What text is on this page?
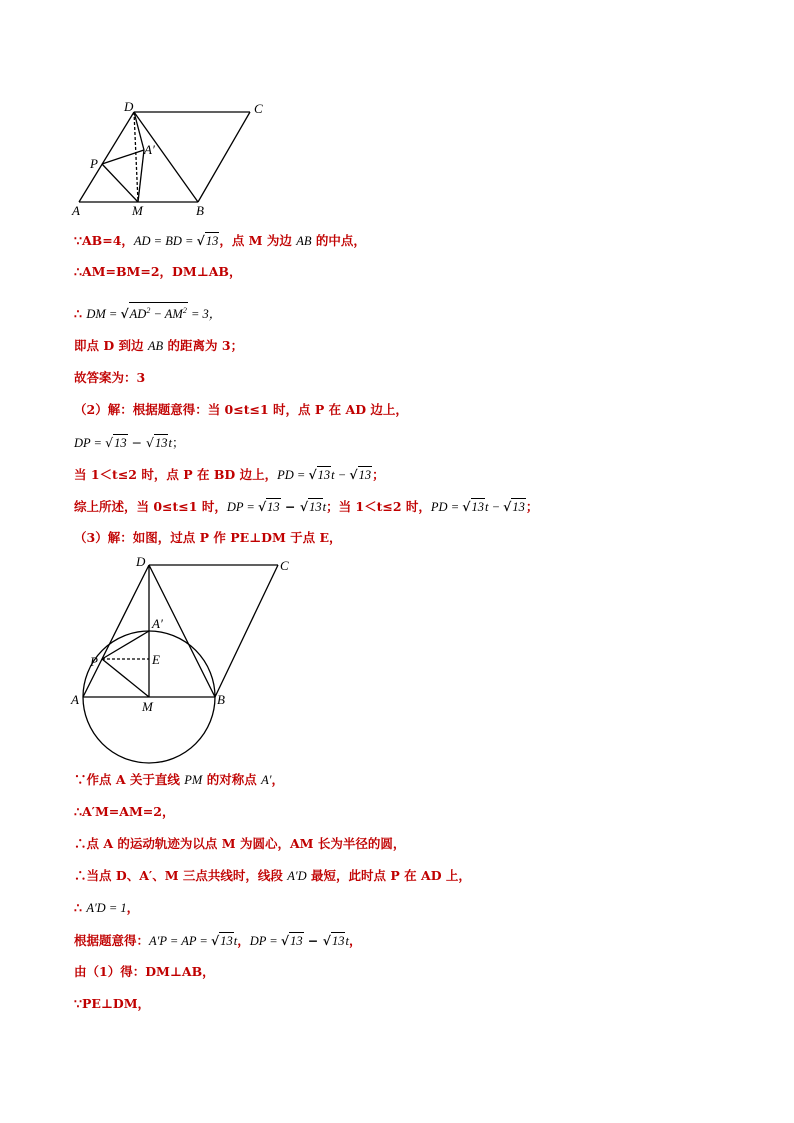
D	C
P
A′
A	M	B
∵AB=4，AD = BD = √13，点 M 为边 AB 的中点，
∴AM=BM=2，DM⊥AB，
∴ DM = $√AD^2 - AM^2 = 3$，
即点 D 到边 AB 的距离为 3；
故答案为：3
（2）解：根据题意得：当 0≤t≤1 时，点 P 在 AD 边上，
DP = √13 − √13t；
当 1＜t≤2 时，点 P 在 BD 边上，PD = √13t − √13；
综上所述，当 0≤t≤1 时，DP = √13 − √13t；当 1＜t≤2 时，PD = √13t − √13；
（3）解：如图，过点 P 作 PE⊥DM 于点 E，
D	C
A′
E
P
A	M	B
∵作点 A 关于直线 PM 的对称点 A′，
∴A′M=AM=2，
∴点 A 的运动轨迹为以点 M 为圆心，AM 长为半径的圆，
∴当点 D、A′、M 三点共线时，线段 A′D 最短，此时点 P 在 AD 上，
∴ A′D = 1，
根据题意得：A′P = AP = √13t，DP = √13 − √13t，
由（1）得：DM⊥AB，
∵PE⊥DM，
